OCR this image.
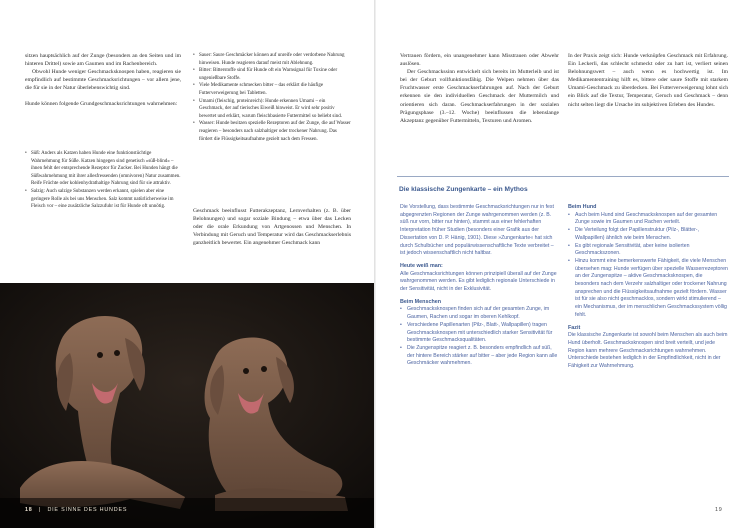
sitzen hauptsächlich auf der Zunge (besonders an den Seiten und im hinteren Drittel) sowie am Gaumen und im Rachenbereich.

Obwohl Hunde weniger Geschmacksknospen haben, reagieren sie empfindlich auf bestimmte Geschmacksrichtungen – vor allem jene, die für sie in der Natur überlebenswichtig sind.

Hunde können folgende Grundgeschmacksrichtungen wahrnehmen:

• Süß: Anders als Katzen haben Hunde eine funktionstüchtige Wahrnehmung für Süße. Katzen hingegen sind genetisch »süß-blind« – ihnen fehlt der entsprechende Rezeptor für Zucker. Bei Hunden hängt die Süßwahrnehmung mit ihrer allesfressenden (omnivoren) Natur zusammen. Reife Früchte oder kohlenhydrathaltige Nahrung sind für sie attraktiv.
• Salzig: Auch salzige Substanzen werden erkannt, spielen aber eine geringere Rolle als bei uns Menschen. Salz kommt natürlicherweise im Fleisch vor – eine zusätzliche Salzzufuhr ist für Hunde oft unnötig.
• Sauer: Saure Geschmäcker können auf unreife oder verdorbene Nahrung hinweisen. Hunde reagieren darauf meist mit Ablehnung.
• Bitter: Bitterstoffe sind für Hunde oft ein Warnsignal für Toxine oder ungenießbare Stoffe.
• Viele Medikamente schmecken bitter – das erklärt die häufige Futterverweigerung bei Tabletten.
• Umami (fleischig, proteinreich): Hunde erkennen Umami – ein Geschmack, der auf tierisches Eiweiß hinweist. Er wird sehr positiv bewertet und erklärt, warum fleischbasierte Futtermittel so beliebt sind.
• Wasser: Hunde besitzen spezielle Rezeptoren auf der Zunge, die auf Wasser reagieren – besonders nach salzhaltiger oder trockener Nahrung. Das fördert die Flüssigkeitsaufnahme gezielt nach dem Fressen.

Geschmack beeinflusst Futterakzeptanz, Lernverhalten (z. B. über Belohnungen) und sogar soziale Bindung – etwa über das Lecken oder die orale Erkundung von Artgenossen und Menschen. In Verbindung mit Geruch und Temperatur wird das Geschmackserlebnis ganzheitlich bewertet. Ein angenehmer Geschmack kann

18 | DIE SINNE DES HUNDES

Vertrauen fördern, ein unangenehmer kann Misstrauen oder Abwehr auslösen.

Der Geschmackssinn entwickelt sich bereits im Mutterleib und ist bei der Geburt vollfunktionsfähig. Die Welpen nehmen über das Fruchtwasser erste Geschmackserfahrungen auf. Nach der Geburt erkennen sie den individuellen Geschmack der Muttermilch und orientieren sich daran. Geschmackserfahrungen in der sozialen Prägungsphase (3.–12. Woche) beeinflussen die lebenslange Akzeptanz gegenüber Futtermitteln, Texturen und Aromen.

In der Praxis zeigt sich: Hunde verknüpfen Geschmack mit Erfahrung. Ein Leckerli, das schlecht schmeckt oder zu hart ist, verliert seinen Belohnungswert – auch wenn es hochwertig ist. Im Medikamententraining hilft es, bittere oder saure Stoffe mit starkem Umami-Geschmack zu überdecken. Bei Futterverweigerung lohnt sich ein Blick auf die Textur, Temperatur, Geruch und Geschmack – denn nicht selten liegt die Ursache im subjektiven Erleben des Hundes.

Die klassische Zungenkarte – ein Mythos

Die Vorstellung, dass bestimmte Geschmacksrichtungen nur in fest abgegrenzten Regionen der Zunge wahrgenommen werden (z. B. süß nur vorn, bitter nur hinten), stammt aus einer fehlerhaften Interpretation früher Studien (besonders einer Grafik aus der Dissertation von D. P. Hänig, 1901). Diese »Zungenkarte« hat sich durch Schulbücher und populärwissenschaftliche Texte verbreitet – ist jedoch wissenschaftlich nicht haltbar.

Heute weiß man:

Alle Geschmacksrichtungen können prinzipiell überall auf der Zunge wahrgenommen werden. Es gibt lediglich regionale Unterschiede in der Sensitivität, nicht in der Exklusivität.

Beim Menschen
• Geschmacksknospen finden sich auf der gesamten Zunge, im Gaumen, Rachen und sogar im oberen Kehlkopf.
• Verschiedene Papillenarten (Pilz-, Blatt-, Wallpapillen) tragen Geschmacksknospen mit unterschiedlich starker Sensitivität für bestimmte Geschmacksqualitäten.
• Die Zungenspitze reagiert z. B. besonders empfindlich auf süß, der hintere Bereich stärker auf bitter – aber jede Region kann alle Geschmäcker wahrnehmen.
Beim Hund
• Auch beim Hund sind Geschmacksknospen auf der gesamten Zunge sowie im Gaumen und Rachen verteilt.
• Die Verteilung folgt der Papillenstruktur (Pilz-, Blätter-, Wallpapillen) ähnlich wie beim Menschen.
• Es gibt regionale Sensitivität, aber keine isolierten Geschmackszonen.
• Hinzu kommt eine bemerkenswerte Fähigkeit, die viele Menschen übersehen mag: Hunde verfügen über spezielle Wasserrezeptoren an der Zungenspitze – aktive Geschmacksknospen, die besonders nach dem Verzehr salzhaltiger oder trockener Nahrung ansprechen und die Flüssigkeitsaufnahme gezielt fördern. Wasser ist für sie also nicht geschmacklos, sondern wirkt stimulierend – ein Mechanismus, der im menschlichen Geschmackssystem völlig fehlt.
Fazit

Die klassische Zungenkarte ist sowohl beim Menschen als auch beim Hund überholt. Geschmacksknospen sind breit verteilt, und jede Region kann mehrere Geschmacksrichtungen wahrnehmen. Unterschiede bestehen lediglich in der Empfindlichkeit, nicht in der Fähigkeit zur Wahrnehmung.

19
